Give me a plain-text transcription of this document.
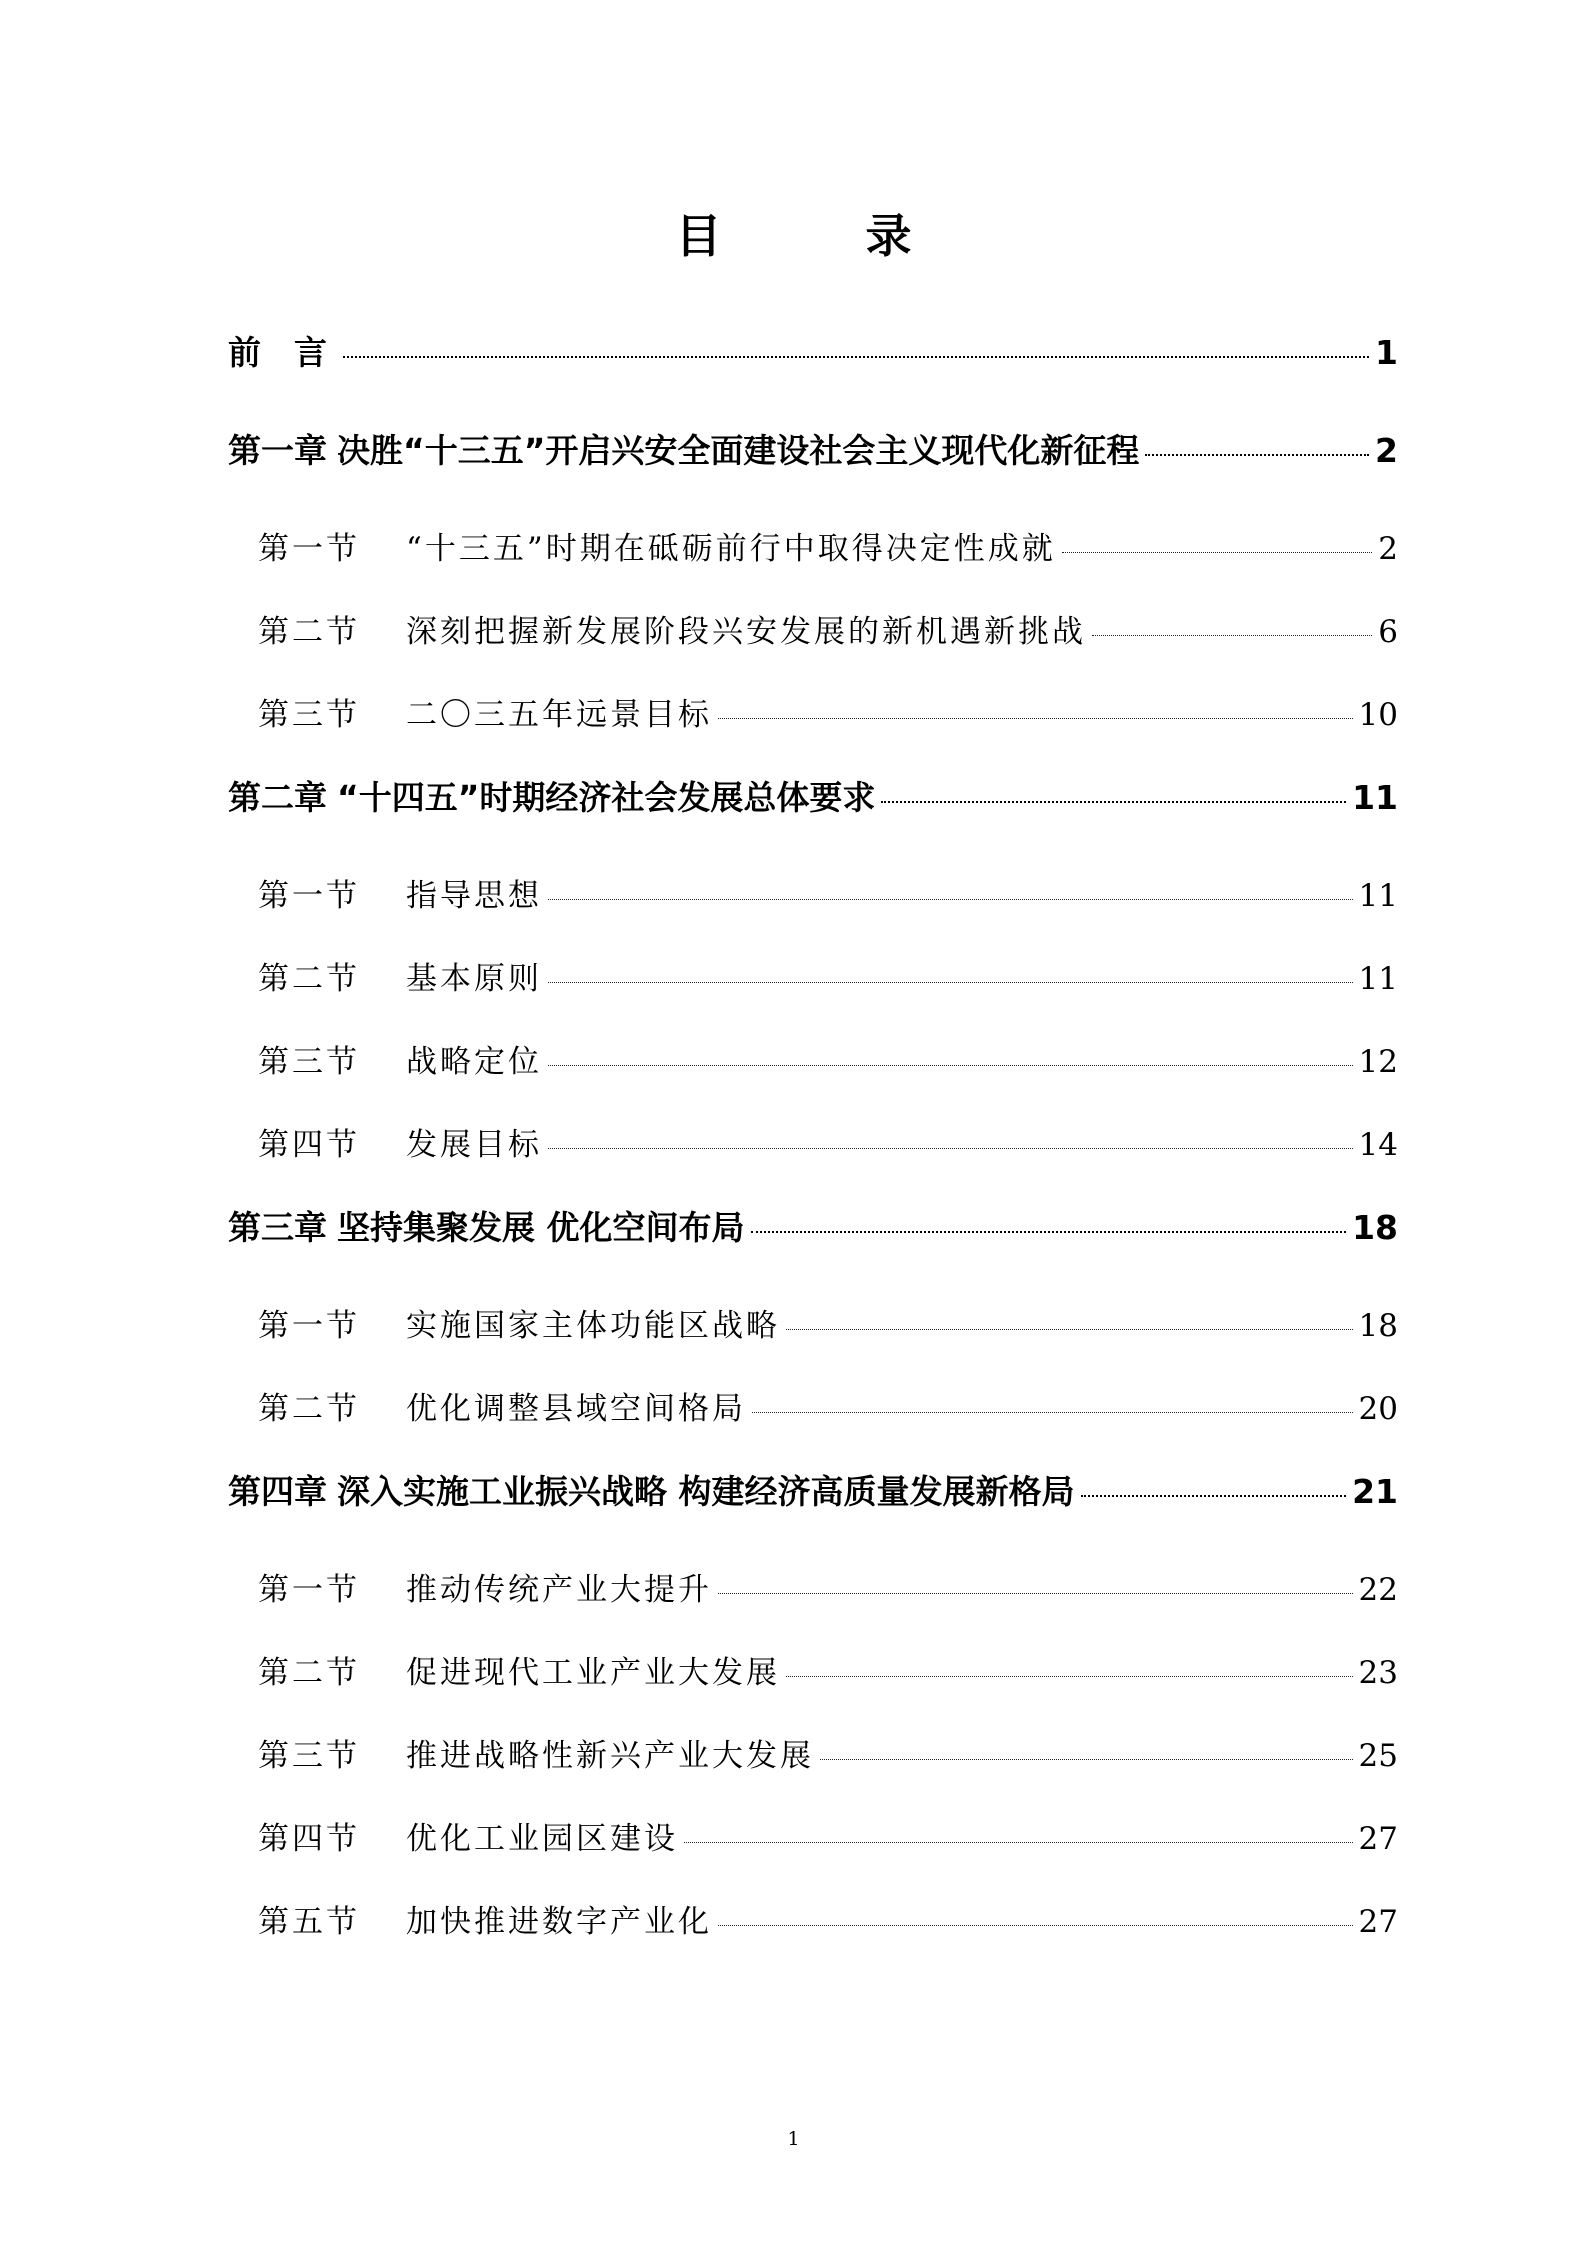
目 录
前　言	1
第一章 决胜“十三五”开启兴安全面建设社会主义现代化新征程	2
第一节 “十三五”时期在砥砺前行中取得决定性成就	2
第二节 深刻把握新发展阶段兴安发展的新机遇新挑战	6
第三节 二〇三五年远景目标	10
第二章 “十四五”时期经济社会发展总体要求	11
第一节 指导思想	11
第二节 基本原则	11
第三节 战略定位	12
第四节 发展目标	14
第三章 坚持集聚发展 优化空间布局	18
第一节 实施国家主体功能区战略	18
第二节 优化调整县域空间格局	20
第四章 深入实施工业振兴战略 构建经济高质量发展新格局	21
第一节 推动传统产业大提升	22
第二节 促进现代工业产业大发展	23
第三节 推进战略性新兴产业大发展	25
第四节 优化工业园区建设	27
第五节 加快推进数字产业化	27
1
